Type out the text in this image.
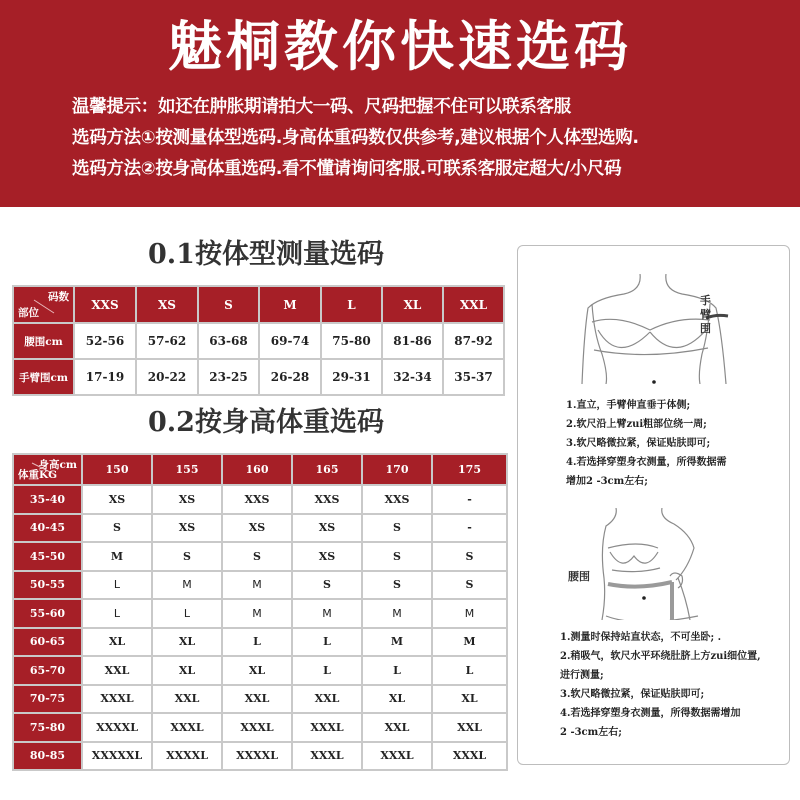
魅桐教你快速选码
温馨提示：如还在肿胀期请拍大一码、尺码把握不住可以联系客服
选码方法①按测量体型选码.身高体重码数仅供参考,建议根据个人体型选购.
选码方法②按身高体重选码.看不懂请询问客服.可联系客服定超大/小尺码
0.1按体型测量选码
码数
部位	XXS	XS	S	M	L	XL	XXL
腰围cm	52-56	57-62	63-68	69-74	75-80	81-86	87-92
手臂围cm	17-19	20-22	23-25	26-28	29-31	32-34	35-37
0.2按身高体重选码
身高cm
体重KG	150	155	160	165	170	175
35-40	XS	XS	XXS	XXS	XXS	-
40-45	S	XS	XS	XS	S	-
45-50	M	S	S	XS	S	S
50-55	L	M	M	S	S	S
55-60	L	L	M	M	M	M
60-65	XL	XL	L	L	M	M
65-70	XXL	XL	XL	L	L	L
70-75	XXXL	XXL	XXL	XXL	XL	XL
75-80	XXXXL	XXXL	XXXL	XXXL	XXL	XXL
80-85	XXXXXL	XXXXL	XXXXL	XXXL	XXXL	XXXL
手
臂
围
1.直立，手臂伸直垂于体侧;
2.软尺沿上臂zui粗部位绕一周;
3.软尺略微拉紧，保证贴肤即可;
4.若选择穿塑身衣测量，所得数据需
增加2 -3cm左右;
腰围
1.测量时保持站直状态，不可坐卧; .
2.稍吸气，软尺水平环绕肚脐上方zui细位置,
进行测量;
3.软尺略微拉紧，保证贴肤即可;
4.若选择穿塑身衣测量，所得数据需增加
2 -3cm左右;
